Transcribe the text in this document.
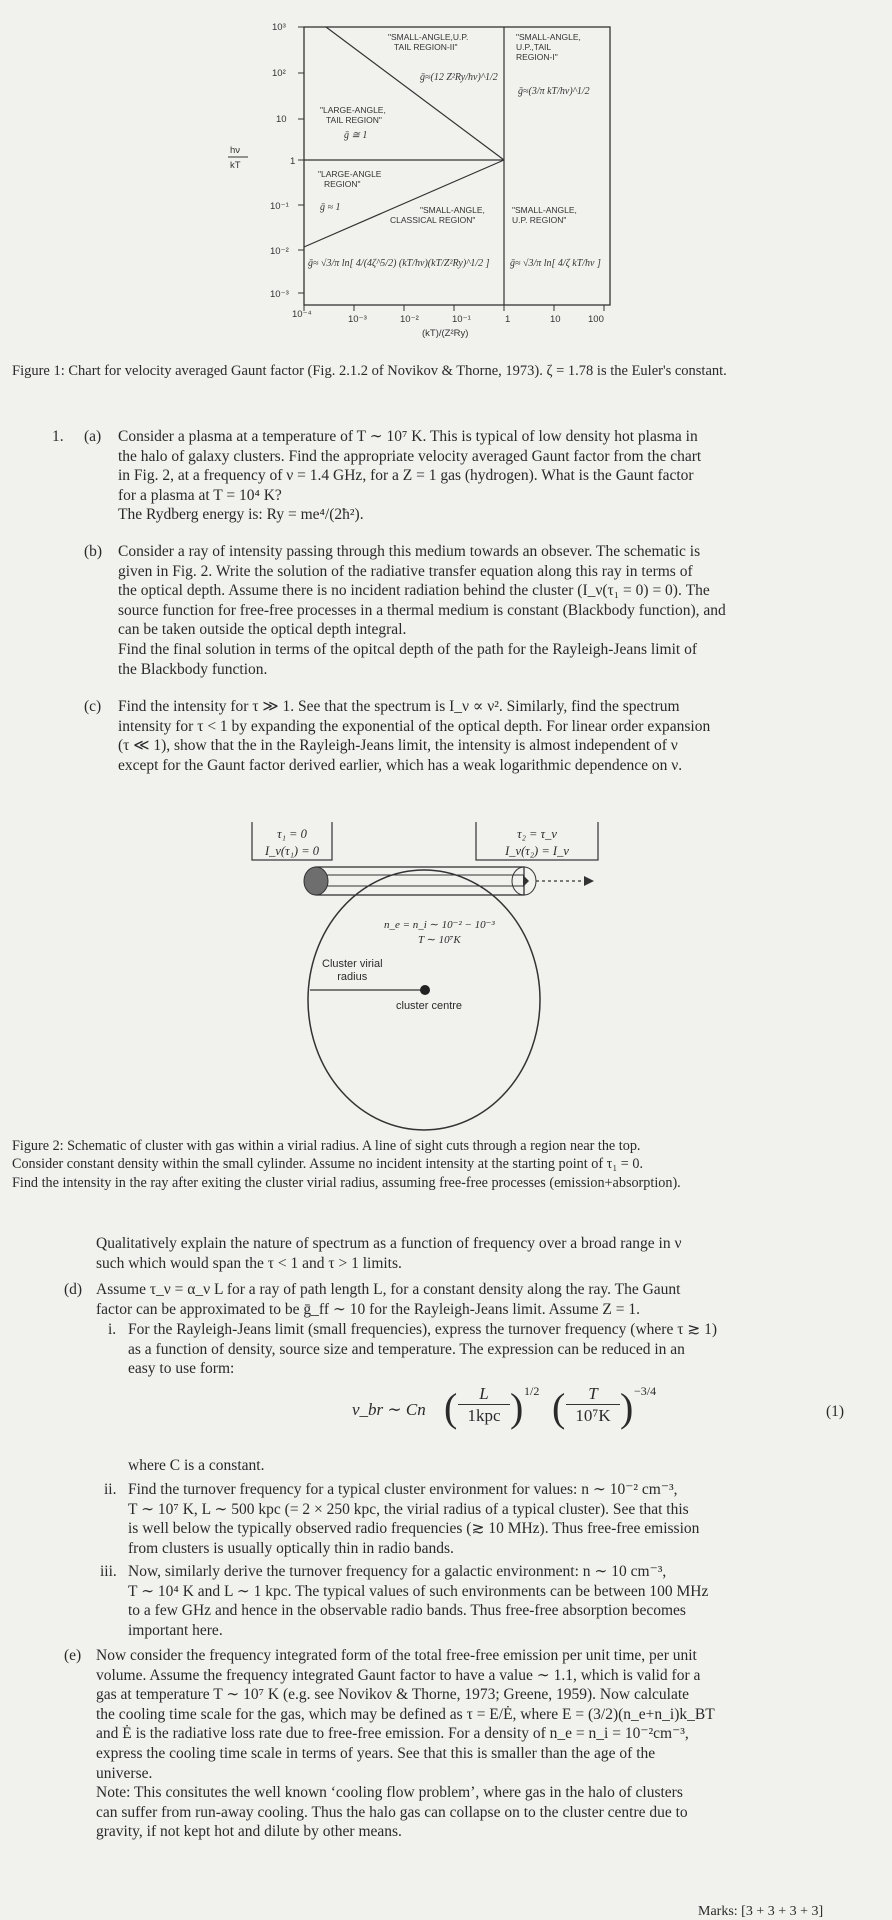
10³
10²
10
1
10⁻¹
10⁻²
10⁻³
hν
kT
10⁻⁴	10⁻³	10⁻²	10⁻¹	1	10	100
(kT)/(Z²Ry)
"SMALL-ANGLE,U.P.
TAIL REGION-II"
ḡ≈(12 Z²Ry/hν)^1/2
"SMALL-ANGLE,
U.P.,TAIL
REGION-I"
ḡ≈(3/π kT/hν)^1/2
"LARGE-ANGLE,
TAIL REGION"
ḡ ≅ 1
"LARGE-ANGLE
REGION"
ḡ ≈ 1	"SMALL-ANGLE,
CLASSICAL REGION"
"SMALL-ANGLE,
U.P. REGION"
ḡ≈ √3/π ln[ 4/(4ζ^5/2) (kT/hν)(kT/Z²Ry)^1/2 ] ḡ≈ √3/π ln[ 4/ζ kT/hν ]
Figure 1: Chart for velocity averaged Gaunt factor (Fig. 2.1.2 of Novikov & Thorne, 1973). ζ = 1.78 is the Euler's constant.
1. (a) Consider a plasma at a temperature of T ∼ 10⁷ K. This is typical of low density hot plasma in
the halo of galaxy clusters. Find the appropriate velocity averaged Gaunt factor from the chart
in Fig. 2, at a frequency of ν = 1.4 GHz, for a Z = 1 gas (hydrogen). What is the Gaunt factor
for a plasma at T = 10⁴ K?
The Rydberg energy is: Ry = me⁴/(2ħ²).
(b) Consider a ray of intensity passing through this medium towards an obsever. The schematic is
given in Fig. 2. Write the solution of the radiative transfer equation along this ray in terms of
the optical depth. Assume there is no incident radiation behind the cluster (I_ν(τ₁ = 0) = 0). The
source function for free-free processes in a thermal medium is constant (Blackbody function), and
can be taken outside the optical depth integral.
Find the final solution in terms of the opitcal depth of the path for the Rayleigh-Jeans limit of
the Blackbody function.
(c) Find the intensity for τ ≫ 1. See that the spectrum is I_ν ∝ ν². Similarly, find the spectrum
intensity for τ < 1 by expanding the exponential of the optical depth. For linear order expansion
(τ ≪ 1), show that the in the Rayleigh-Jeans limit, the intensity is almost independent of ν
except for the Gaunt factor derived earlier, which has a weak logarithmic dependence on ν.
τ₁ = 0
I_ν(τ₁) = 0
τ₂ = τ_ν
I_ν(τ₂) = I_ν
n_e = n_i ∼ 10⁻² − 10⁻³
T ∼ 10⁷K
Cluster virial
radius
cluster centre
Figure 2: Schematic of cluster with gas within a virial radius. A line of sight cuts through a region near the top.
Consider constant density within the small cylinder. Assume no incident intensity at the starting point of τ₁ = 0.
Find the intensity in the ray after exiting the cluster virial radius, assuming free-free processes (emission+absorption).
Qualitatively explain the nature of spectrum as a function of frequency over a broad range in ν
such which would span the τ < 1 and τ > 1 limits.
(d) Assume τ_ν = α_ν L for a ray of path length L, for a constant density along the ray. The Gaunt
factor can be approximated to be ḡ_ff ∼ 10 for the Rayleigh-Jeans limit. Assume Z = 1.
i. For the Rayleigh-Jeans limit (small frequencies), express the turnover frequency (where τ ≳ 1)
as a function of density, source size and temperature. The expression can be reduced in an
easy to use form:
ν_br ∼ Cn (	L
1kpc ) 1/2 ( $\frac{T}{\text{10⁷K}}$ ) −3/4
(1)
where C is a constant.
ii. Find the turnover frequency for a typical cluster environment for values: n ∼ 10⁻² cm⁻³,
T ∼ 10⁷ K, L ∼ 500 kpc (= 2 × 250 kpc, the virial radius of a typical cluster). See that this
is well below the typically observed radio frequencies (≳ 10 MHz). Thus free-free emission
from clusters is usually optically thin in radio bands.
iii. Now, similarly derive the turnover frequency for a galactic environment: n ∼ 10 cm⁻³,
T ∼ 10⁴ K and L ∼ 1 kpc. The typical values of such environments can be between 100 MHz
to a few GHz and hence in the observable radio bands. Thus free-free absorption becomes
important here.
(e) Now consider the frequency integrated form of the total free-free emission per unit time, per unit
volume. Assume the frequency integrated Gaunt factor to have a value ∼ 1.1, which is valid for a
gas at temperature T ∼ 10⁷ K (e.g. see Novikov & Thorne, 1973; Greene, 1959). Now calculate
the cooling time scale for the gas, which may be defined as τ = E/Ė, where E = (3/2)(n_e+n_i)k_BT
and Ė is the radiative loss rate due to free-free emission. For a density of n_e = n_i = 10⁻²cm⁻³,
express the cooling time scale in terms of years. See that this is smaller than the age of the
universe.
Note: This consitutes the well known ‘cooling flow problem’, where gas in the halo of clusters
can suffer from run-away cooling. Thus the halo gas can collapse on to the cluster centre due to
gravity, if not kept hot and dilute by other means.
Marks: [3 + 3 + 3 + 3]
